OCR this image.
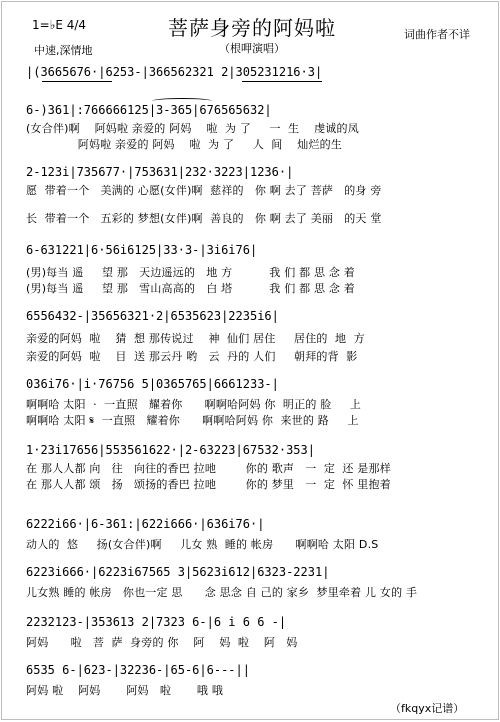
1=♭E 4/4
中速,深情地
菩萨身旁的阿妈啦
（根呷演唱）
词曲作者不详
|(3665676·|6253-|366562321 2|305231216·3|
6-)361|:766666125|3-365|676565632|
(女合伴)啊    阿妈啦 亲爱的 阿妈    啦  为 了     一  生    虔诚的凤
阿妈啦 亲爱的 阿妈    啦  为 了     人  间    灿烂的生
2-123i|735677·|753631|232·3223|1236·|
愿  带着一个   美满的 心愿(女伴)啊  慈祥的   你 啊 去了 菩萨   的身 旁
长  带着一个   五彩的 梦想(女伴)啊  善良的   你 啊 去了 美丽   的天 堂
6-631221|6·56i6125|33·3-|3i6i76|
(男)每当 遥     望 那   天边遥远的   地 方          我 们 都 思 念 着
(男)每当 遥     望 那   雪山高高的   白 塔          我 们 都 思 念 着
6556432-|35656321·2|6535623|2235i6|
亲爱的阿妈  啦    猜  想 那传说过    神  仙们 居住     居住的  地  方
亲爱的阿妈  啦    目  送 那云丹 哟   云  丹的 人们     朝拜的背  影
036i76·|i·76756 5|0365765|6661233-|
啊啊哈 太阳  ·  一直照   耀着你      啊啊哈阿妈 你  明正的 脸     上
啊啊哈 太阳 𝄋  一直照   耀着你      啊啊哈阿妈 你  来世的 路     上
1·23i17656|553561622·|2-63223|67532·353|
在 那人人都 向   往   向往的香巴 拉吔        你的 歌声   一  定  还 是那样
在 那人人都 颂   扬   颂扬的香巴 拉吔        你的 梦里   一  定  怀 里抱着
6222i66·|6-361:|622i666·|636i76·|
动人的  悠     扬(女合伴)啊     儿女 熟  睡的 帐房      啊啊哈 太阳 D.S
6223i666·|6223i67565 3|5623i612|6323-2231|
儿女熟 睡的 帐房   你也一定 思      念 思念 自 己的 家乡  梦里牵着 儿 女的 手
2232123-|353613 2|7323 6-|6 i 6 6 -|
阿妈      啦   菩  萨  身旁的 你    阿    妈  啦    阿   妈
6535 6-|623-|32236-|65-6|6---||
阿妈 啦    阿妈       阿妈   啦       哦 哦
（fkqyx记谱）
